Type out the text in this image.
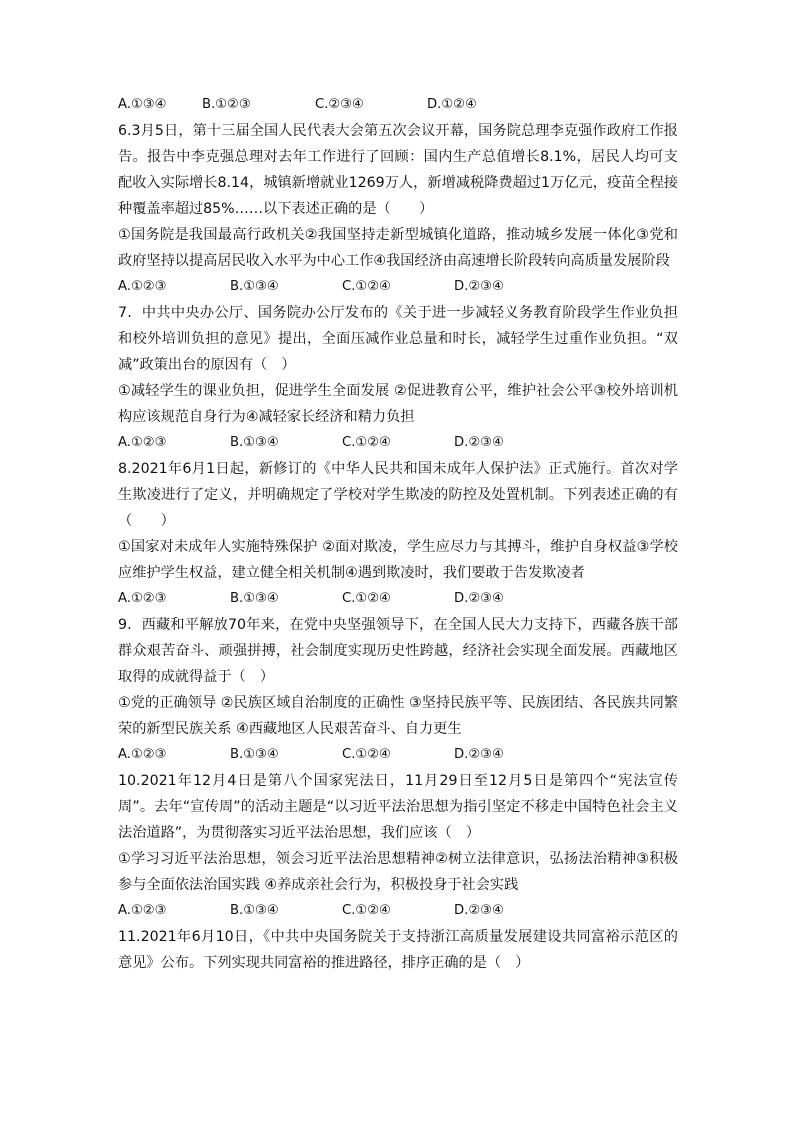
A.①③④	B.①②③	C.②③④	D.①②④

6.3月5日，第十三届全国人民代表大会第五次会议开幕，国务院总理李克强作政府工作报告。报告中李克强总理对去年工作进行了回顾：国内生产总值增长8.1%，居民人均可支配收入实际增长8.14，城镇新增就业1269万人，新增减税降费超过1万亿元，疫苗全程接种覆盖率超过85%……以下表述正确的是（　　）

①国务院是我国最高行政机关②我国坚持走新型城镇化道路，推动城乡发展一体化③党和政府坚持以提高居民收入水平为中心工作④我国经济由高速增长阶段转向高质量发展阶段

A.①②③	B.①③④	C.①②④	D.②③④

7．中共中央办公厅、国务院办公厅发布的《关于进一步减轻义务教育阶段学生作业负担和校外培训负担的意见》提出，全面压减作业总量和时长，减轻学生过重作业负担。“双减”政策出台的原因有（　）

①减轻学生的课业负担，促进学生全面发展 ②促进教育公平，维护社会公平③校外培训机构应该规范自身行为④减轻家长经济和精力负担

A.①②③	B.①③④	C.①②④	D.②③④

8.2021年6月1日起，新修订的《中华人民共和国未成年人保护法》正式施行。首次对学生欺凌进行了定义，并明确规定了学校对学生欺凌的防控及处置机制。下列表述正确的有（　　）

①国家对未成年人实施特殊保护 ②面对欺凌，学生应尽力与其搏斗，维护自身权益③学校应维护学生权益，建立健全相关机制④遇到欺凌时，我们要敢于告发欺凌者

A.①②③	B.①③④	C.①②④	D.②③④

9．西藏和平解放70年来，在党中央坚强领导下，在全国人民大力支持下，西藏各族干部群众艰苦奋斗、顽强拼搏，社会制度实现历史性跨越，经济社会实现全面发展。西藏地区取得的成就得益于（　）

①党的正确领导 ②民族区域自治制度的正确性 ③坚持民族平等、民族团结、各民族共同繁荣的新型民族关系 ④西藏地区人民艰苦奋斗、自力更生

A.①②③	B.①③④	C.①②④	D.②③④

10.2021年12月4日是第八个国家宪法日，11月29日至12月5日是第四个“宪法宣传周”。去年“宣传周”的活动主题是“以习近平法治思想为指引坚定不移走中国特色社会主义法治道路”，为贯彻落实习近平法治思想，我们应该（　）

①学习习近平法治思想，领会习近平法治思想精神②树立法律意识，弘扬法治精神③积极参与全面依法治国实践 ④养成亲社会行为，积极投身于社会实践

A.①②③	B.①③④	C.①②④	D.②③④

11.2021年6月10日，《中共中央国务院关于支持浙江高质量发展建设共同富裕示范区的意见》公布。下列实现共同富裕的推进路径，排序正确的是（　）
